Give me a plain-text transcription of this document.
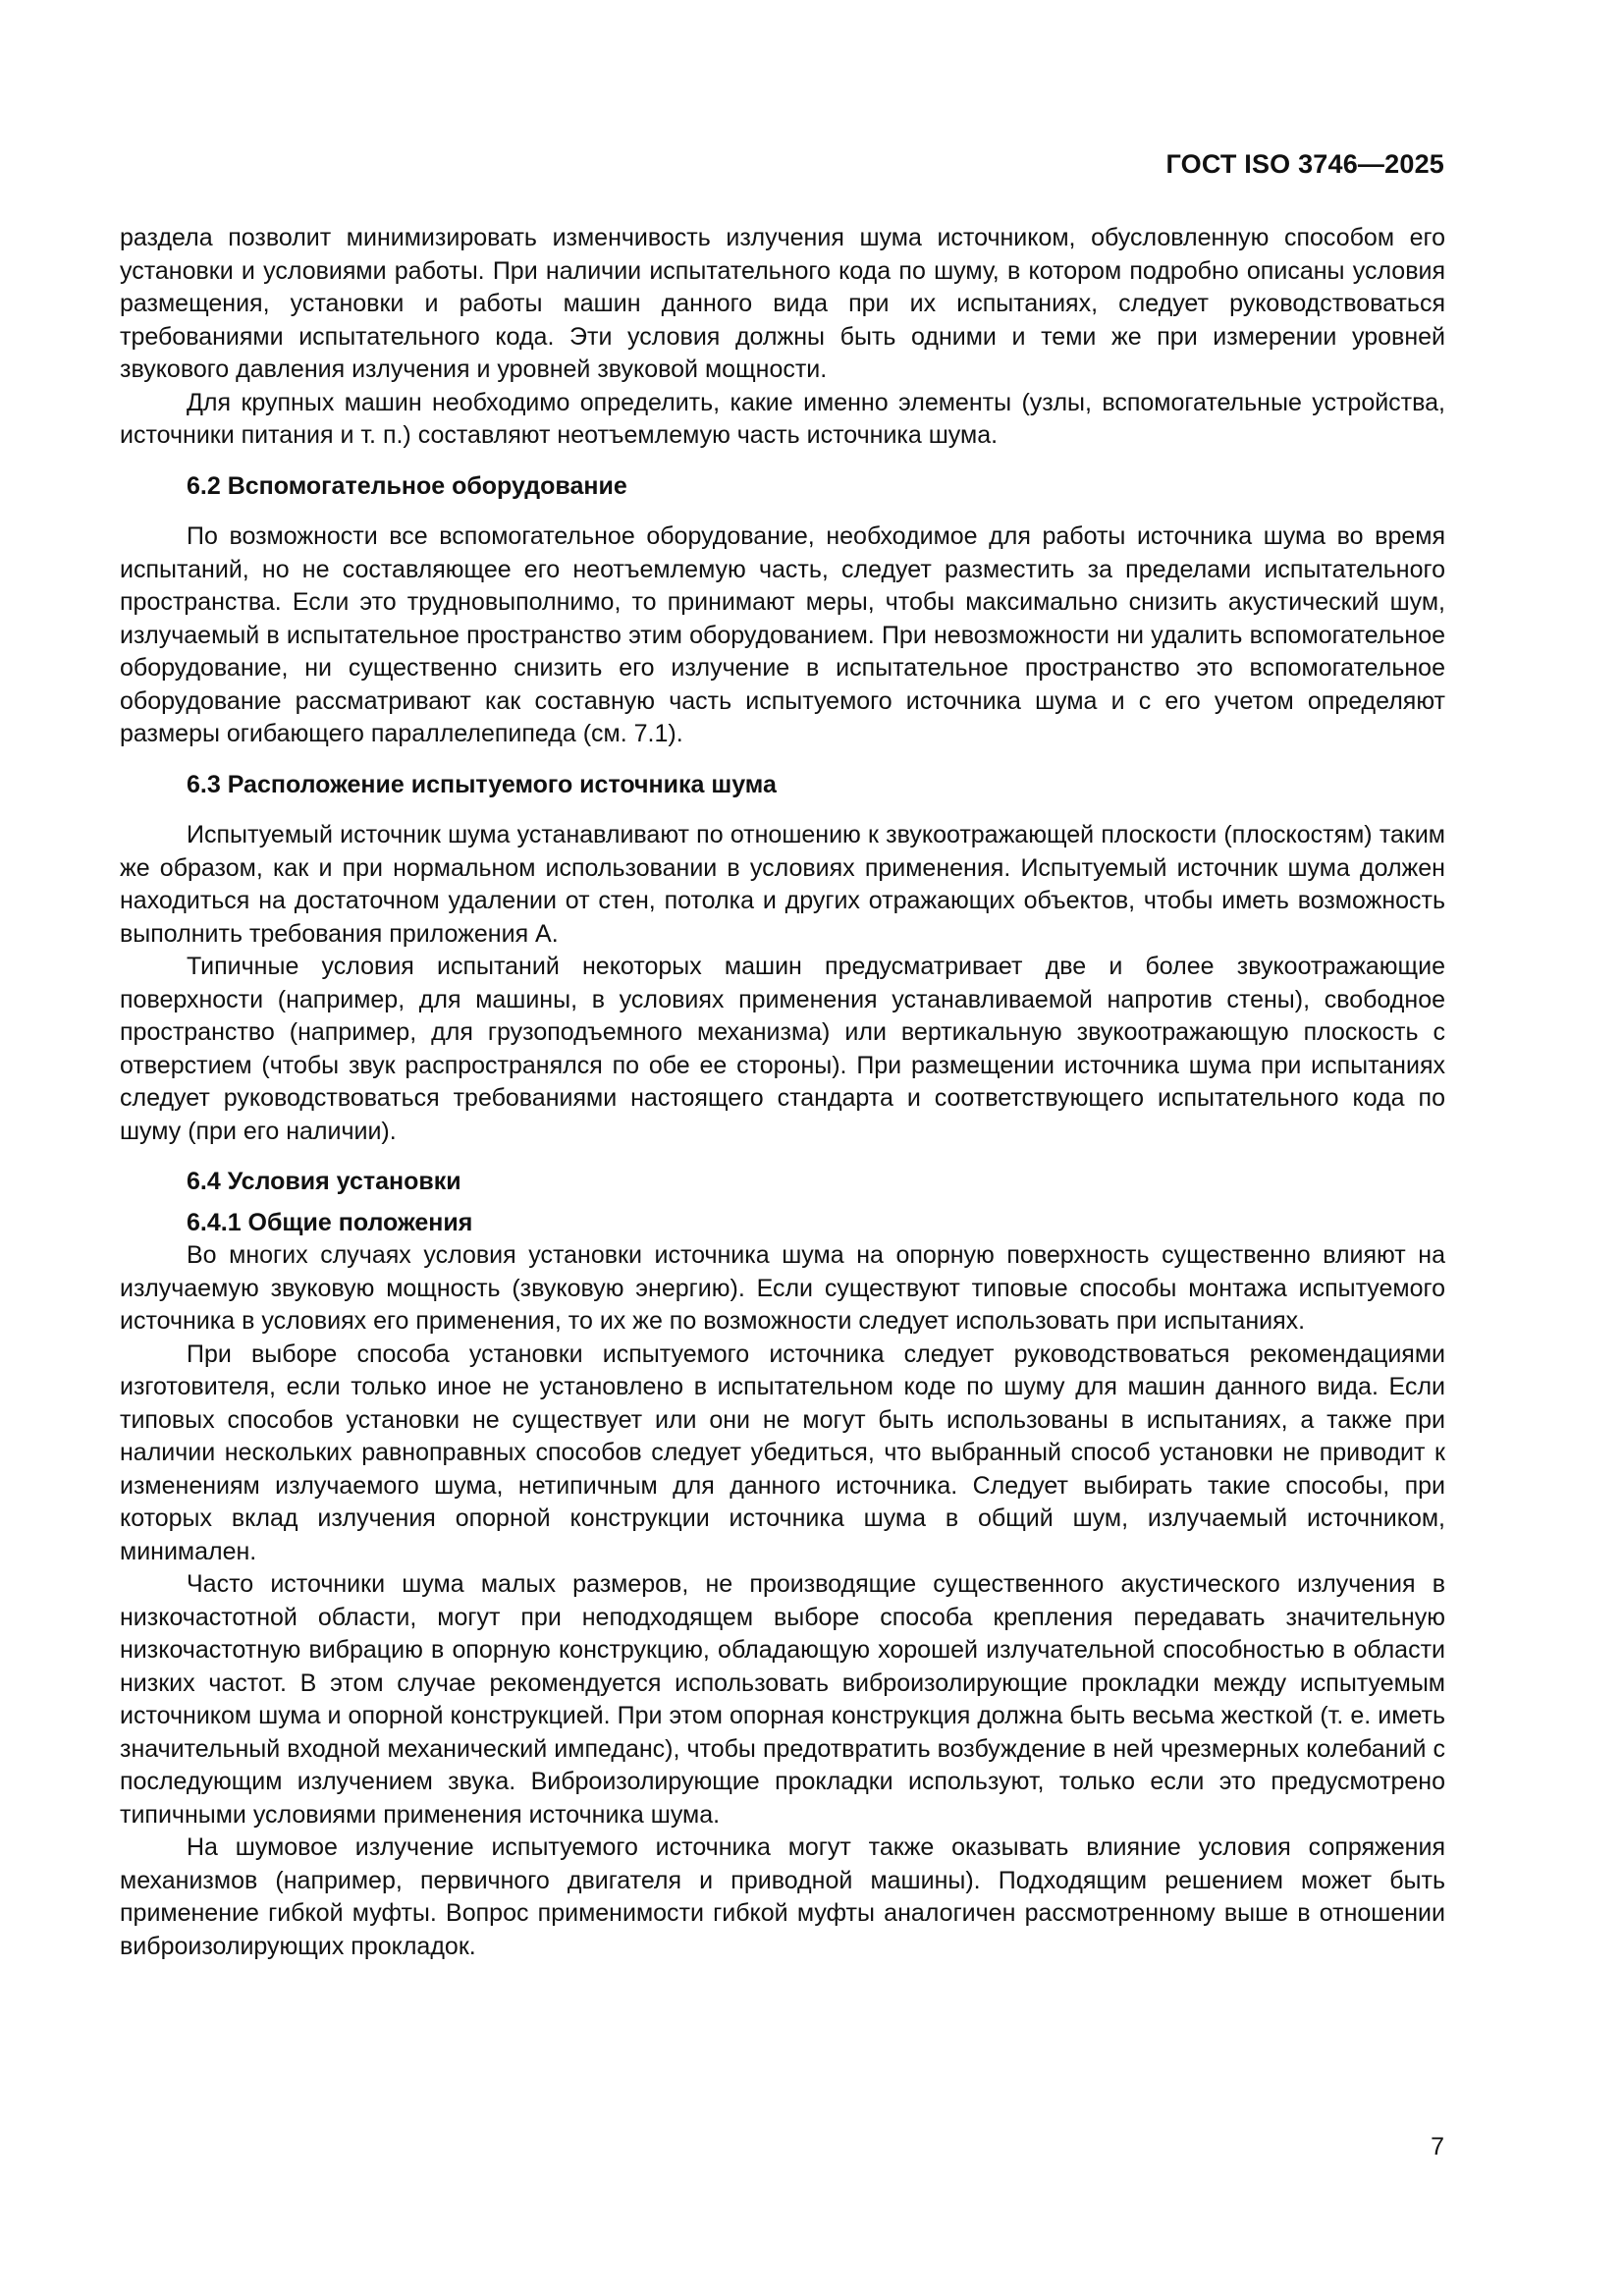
ГОСТ ISO 3746—2025

раздела позволит минимизировать изменчивость излучения шума источником, обусловленную способом его установки и условиями работы. При наличии испытательного кода по шуму, в котором подробно описаны условия размещения, установки и работы машин данного вида при их испытаниях, следует руководствоваться требованиями испытательного кода. Эти условия должны быть одними и теми же при измерении уровней звукового давления излучения и уровней звуковой мощности.

Для крупных машин необходимо определить, какие именно элементы (узлы, вспомогательные устройства, источники питания и т. п.) составляют неотъемлемую часть источника шума.

6.2 Вспомогательное оборудование

По возможности все вспомогательное оборудование, необходимое для работы источника шума во время испытаний, но не составляющее его неотъемлемую часть, следует разместить за пределами испытательного пространства. Если это трудновыполнимо, то принимают меры, чтобы максимально снизить акустический шум, излучаемый в испытательное пространство этим оборудованием. При невозможности ни удалить вспомогательное оборудование, ни существенно снизить его излучение в испытательное пространство это вспомогательное оборудование рассматривают как составную часть испытуемого источника шума и с его учетом определяют размеры огибающего параллелепипеда (см. 7.1).

6.3 Расположение испытуемого источника шума

Испытуемый источник шума устанавливают по отношению к звукоотражающей плоскости (плоскостям) таким же образом, как и при нормальном использовании в условиях применения. Испытуемый источник шума должен находиться на достаточном удалении от стен, потолка и других отражающих объектов, чтобы иметь возможность выполнить требования приложения А.

Типичные условия испытаний некоторых машин предусматривает две и более звукоотражающие поверхности (например, для машины, в условиях применения устанавливаемой напротив стены), свободное пространство (например, для грузоподъемного механизма) или вертикальную звукоотражающую плоскость с отверстием (чтобы звук распространялся по обе ее стороны). При размещении источника шума при испытаниях следует руководствоваться требованиями настоящего стандарта и соответствующего испытательного кода по шуму (при его наличии).

6.4 Условия установки
6.4.1 Общие положения

Во многих случаях условия установки источника шума на опорную поверхность существенно влияют на излучаемую звуковую мощность (звуковую энергию). Если существуют типовые способы монтажа испытуемого источника в условиях его применения, то их же по возможности следует использовать при испытаниях.

При выборе способа установки испытуемого источника следует руководствоваться рекомендациями изготовителя, если только иное не установлено в испытательном коде по шуму для машин данного вида. Если типовых способов установки не существует или они не могут быть использованы в испытаниях, а также при наличии нескольких равноправных способов следует убедиться, что выбранный способ установки не приводит к изменениям излучаемого шума, нетипичным для данного источника. Следует выбирать такие способы, при которых вклад излучения опорной конструкции источника шума в общий шум, излучаемый источником, минимален.

Часто источники шума малых размеров, не производящие существенного акустического излучения в низкочастотной области, могут при неподходящем выборе способа крепления передавать значительную низкочастотную вибрацию в опорную конструкцию, обладающую хорошей излучательной способностью в области низких частот. В этом случае рекомендуется использовать виброизолирующие прокладки между испытуемым источником шума и опорной конструкцией. При этом опорная конструкция должна быть весьма жесткой (т. е. иметь значительный входной механический импеданс), чтобы предотвратить возбуждение в ней чрезмерных колебаний с последующим излучением звука. Виброизолирующие прокладки используют, только если это предусмотрено типичными условиями применения источника шума.

На шумовое излучение испытуемого источника могут также оказывать влияние условия сопряжения механизмов (например, первичного двигателя и приводной машины). Подходящим решением может быть применение гибкой муфты. Вопрос применимости гибкой муфты аналогичен рассмотренному выше в отношении виброизолирующих прокладок.

7
